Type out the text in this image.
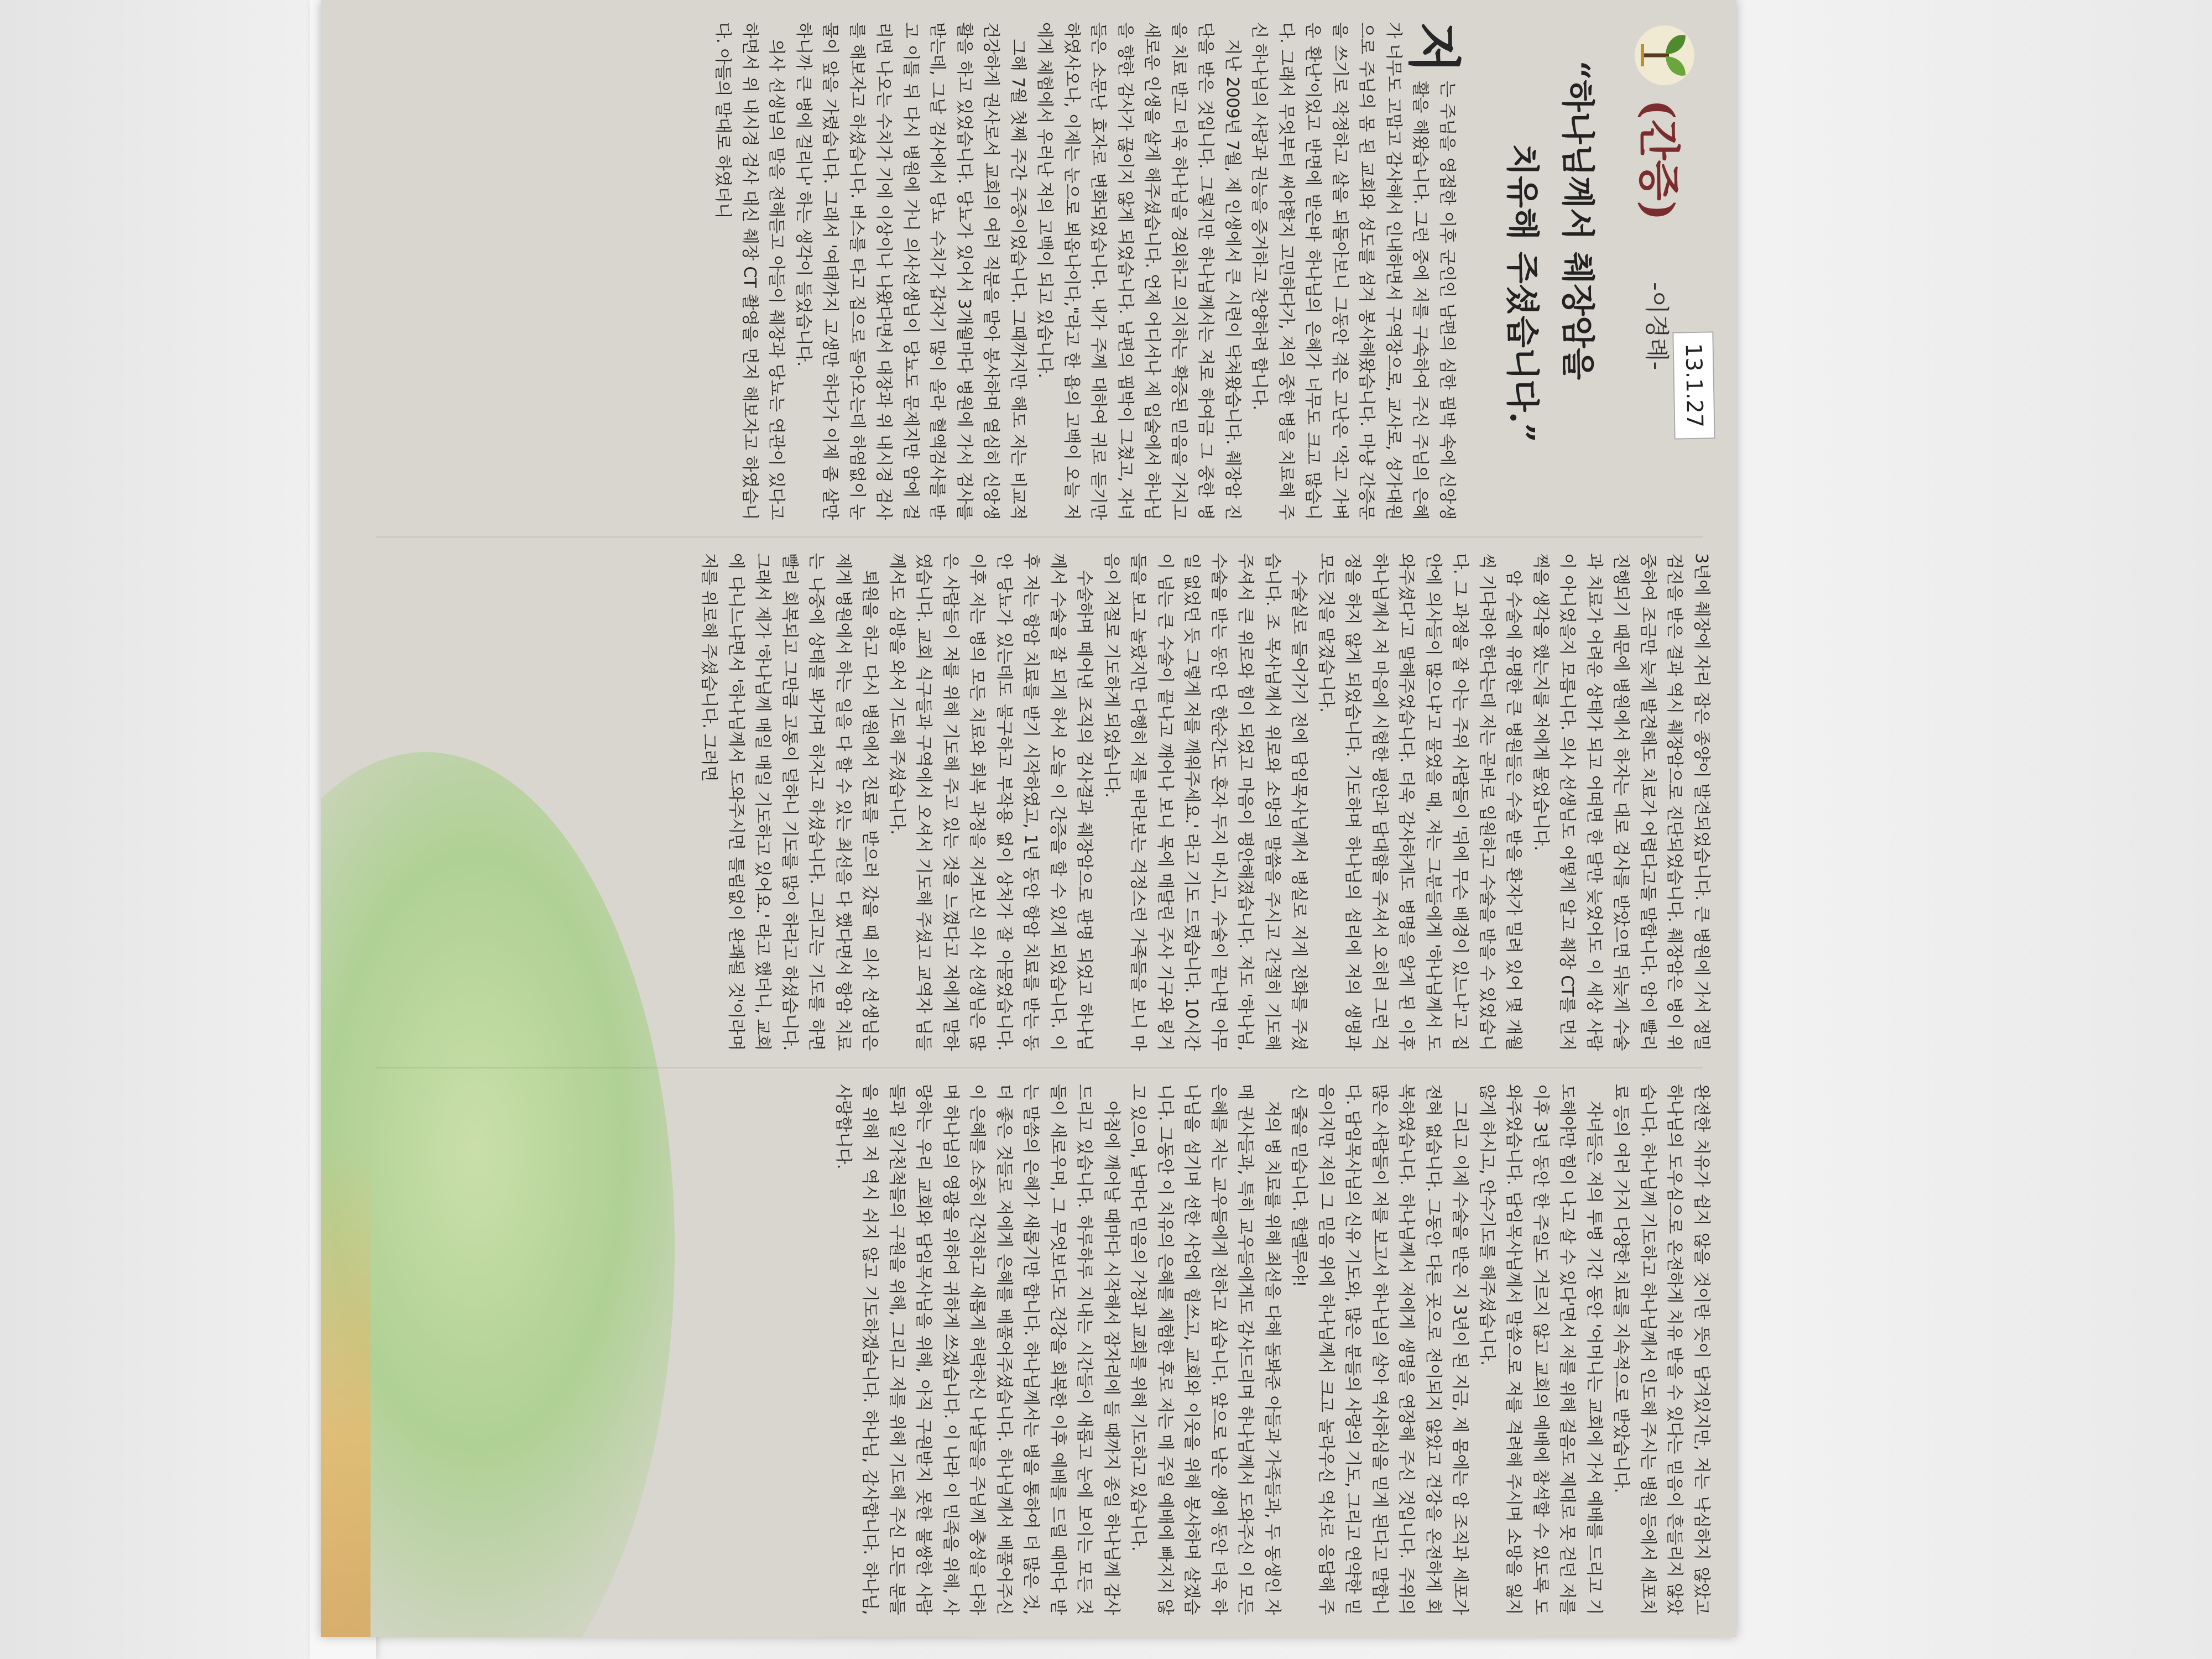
(간증)
-이경례-
13.1.27
“하나님께서 췌장암을
치유해 주셨습니다.”

저
는 주님을 영접한 이후 군인인 남편의 심한 핍박 속에 신앙생활을 해왔습니다. 그런 중에 저를 구속하여 주신 주님의 은혜가 너무도 고맙고 감사해서 인내하면서 구역장으로, 교사로, 성가대원으로 주님의 몸 된 교회와 성도를 섬겨 봉사해왔습니다. 마냥 간증문을 쓰기로 작정하고 살을 되돌아보니 그동안 겪은 고난은 '작고 가벼운 환난'이었고 반면에 받은바 하나님의 은혜가 너무도 크고 많습니다. 그래서 무엇부터 써야할지 고민하다가, 저의 중한 병을 치료해 주신 하나님의 사랑과 권능을 증거하고 찬양하려 합니다.

지난 2009년 7월, 제 인생에서 큰 시련이 닥쳐왔습니다. 췌장암 진단을 받은 것입니다. 그렇지만 하나님께서는 저로 하여금 그 중한 병을 치료 받고 더욱 하나님을 경외하고 의지하는 확증된 믿음을 가지고 새로운 인생을 살게 해주셨습니다. 언제 어디서나 제 입술에서 하나님을 향한 감사가 끊이지 않게 되었습니다. 남편의 핍박이 그쳤고, 자녀들은 소문난 효자로 변화되었습니다. 내가 주께 대하여 귀로 듣기만 하였사오나, 이제는 눈으로 뵈옵나이다,"라고 한 욥의 고백이 오늘 저에게 체험에서 우러난 저의 고백이 되고 있습니다.

그해 7월 첫째 주간 주중이었습니다. 그때까지만 해도 저는 비교적 건강하게 권사로서 교회의 여러 직분을 맡아 봉사하며 열심히 신앙생활을 하고 있었습니다. 당뇨가 있어서 3개월마다 병원에 가서 검사를 받는데, 그날 검사에서 당뇨 수치가 갑자기 많이 올라 혈액검사를 받고 이틀 뒤 다시 병원에 가니 의사선생님이 당뇨도 문제지만 암에 걸리면 나오는 수치가 기에 이상이나 나왔다면서 대장과 위 내시경 검사를 해보자고 하셨습니다. 버스를 타고 집으로 돌아오는데 하염없이 눈물이 앞을 가렸습니다. 그래서 '여태까지 고생만 하다가 이제 좀 살만하니까 큰 병에 걸리나' 하는 생각이 들었습니다.

의사 선생님의 말을 전해듣고 아들이 췌장과 당뇨는 연관이 있다고 하면서 위 내시경 검사 대신 췌장 CT 촬영을 먼저 해보자고 하였습니다. 아들의 말대로 하였더니

3년에 췌장에 자리 잡은 종양이 발견되었습니다. 큰 병원에 가서 정밀 검진을 받은 결과 역시 췌장암으로 진단되었습니다. 췌장암은 병이 위중하여 조금만 늦게 발견해도 치료가 어렵다고들 말합니다. 암이 빨리 진행되기 때문에 병원에서 하자는 대로 검사를 받았으면 뒤늦게 수술과 치료가 어려운 상태가 되고 어떠면 한 달만 늦었어도 이 세상 사람이 아니었을지 모릅니다. 의사 선생님도 어떻게 알고 췌장 CT를 먼저 찍을 생각을 했는지를 저에게 물었습니다.

암 수술에 유명한 큰 병원들은 수술 받을 환자가 밀려 있어 몇 개월씩 기다려야 한다는데 저는 곧바로 입원하고 수술을 받을 수 있었습니다. 그 과정을 잘 아는 주위 사람들이 '뒤에 무슨 배경이 있느냐'고 집안에 의사들이 많으냐'고 물었을 때, 저는 그분들에게 '하나님께서 도와주셨다'고 말해주었습니다. 더욱 감사하게도 병명을 알게 된 이후 하나님께서 저 마음에 시험한 평안과 담대함을 주셔서 오히려 그런 걱정을 하지 않게 되었습니다. 기도하며 하나님의 섭리에 저의 생명과 모든 것을 맡겼습니다.

수술실로 들어가기 전에 담임목사님께서 병실로 저게 전화를 주셨습니다. 조 목사님께서 위로와 소망의 말씀을 주시고 간절히 기도해 주셔서 큰 위로와 힘이 되었고 마음이 평안해졌습니다. 저도 '하나님, 수술을 받는 동안 단 한순간도 혼자 두지 마시고, 수술이 끝나면 아무 일 없었던 듯 그렇게 저를 깨워주세요.' 라고 기도 드렸습니다. 10시간이 넘는 큰 수술이 끝나고 깨어나 보니 목에 매달린 주사 기구와 링거들을 보고 놀랐지만 다행히 저를 바라보는 걱정스런 가족들을 보니 마음이 저절로 기도하게 되었습니다.

수술하며 떼어낸 조직의 검사결과 췌장암으로 판명 되었고 하나님께서 수술을 잘 되게 하셔 오늘 이 간증을 할 수 있게 되었습니다. 이후 저는 항암 치료를 받기 시작하였고, 1년 동안 항암 치료를 받는 동안 당뇨가 있는데도 불구하고 부작용 없이 상처가 잘 아물었습니다. 이후 저는 병의 모든 치료와 회복 과정을 지켜보신 의사 선생님은 많은 사람들이 저를 위해 기도해 주고 있는 것을 느꼈다고 저에게 말하였습니다. 교회 식구들과 구역에서 오셔서 기도해 주셨고 교역자 님들께서도 심방을 와서 기도해 주셨습니다.

퇴원을 하고 다시 병원에서 진료를 받으러 갔을 때 의사 선생님은 제게 병원에서 하는 일을 다 할 수 있는 최선을 다 했다면서 항암 치료는 나중에 상태를 봐가며 하자고 하셨습니다. 그러고는 기도를 하면 빨리 회복되고 그만큼 고통이 덜하니 기도를 많이 하라고 하셨습니다. 그래서 제가 '하나님께 매일 매일 기도하고 있어요.' 라고 했더니, 교회에 다니느냐면서 '하나님께서 도와주시면 틀림없이 완쾌될 것'이라며 저를 위로해 주셨습니다. 그러면

완전한 치유가 쉽지 않을 것이란 뜻이 담겨있지만, 저는 낙심하지 않았고 하나님의 도우심으로 온전하게 치유 받을 수 있다는 믿음이 흔들리지 않았습니다. 하나님께 기도하고 하나님께서 인도해 주시는 병원 등에서 세포치료 등의 여러 가지 다양한 치료를 지속적으로 받았습니다.

자녀들은 저의 투병 기간 동안 '어머니는 교회에 가서 예배를 드리고 기도해야만 힘이 나고 살 수 있다'면서 저를 위해 걸음도 제대로 못 걷던 저를 이후 3년 동안 한 주일도 거르지 않고 교회의 예배에 참석할 수 있도록 도와주었습니다. 담임목사님께서 말씀으로 저를 격려해 주시며 소망을 잃지 않게 하시고, 안수기도를 해주셨습니다.

그리고 이제 수술을 받은 지 3년이 된 지금, 제 몸에는 암 조직과 세포가 전혀 없습니다. 그동안 다른 곳으로 전이되지 않았고 건강을 온전하게 회복하였습니다. 하나님께서 저에게 생명을 연장해 주신 것입니다. 주위의 많은 사람들이 저를 보고서 하나님의 살아 역사하심을 믿게 된다고 말합니다. 담임목사님의 신유 기도와, 많은 분들의 사랑의 기도, 그리고 연약한 믿음이지만 저의 그 믿음 위에 하나님께서 크고 놀라우신 역사로 응답해 주신 줄을 믿습니다. 할렐루야!

저의 병 치료를 위해 최선을 다해 돌봐준 아들과 가족들과, 두 동생인 자매 권사들과, 특히 교우들에게도 감사드리며 하나님께서 도와주신 이 모든 은혜를 저는 교우들에게 전하고 싶습니다. 앞으로 남은 생애 동안 더욱 하나님을 섬기며 선한 사업에 힘쓰고, 교회와 이웃을 위해 봉사하며 살겠습니다. 그동안 이 치유의 은혜를 체험한 후로 저는 매 주일 예배에 빠지지 않고 있으며, 날마다 믿음의 가정과 교회를 위해 기도하고 있습니다.

아침에 깨어날 때마다 시작해서 잠자리에 들 때까지 종일 하나님께 감사드리고 있습니다. 하루하루 지내는 시간들이 새롭고 눈에 보이는 모든 것들이 새로우며, 그 무엇보다도 건강을 회복한 이후 예배를 드릴 때마다 받는 말씀의 은혜가 새롭기만 합니다. 하나님께서는 병을 통하여 더 많은 것, 더 좋은 것들로 저에게 은혜를 베풀어주셨습니다. 하나님께서 베풀어주신 이 은혜를 소중히 간직하고 새롭게 허락하신 나날들을 주님께 충성을 다하며 하나님의 영광을 위하여 귀하게 쓰겠습니다. 이 나라 이 민족을 위해, 사랑하는 우리 교회와 담임목사님을 위해, 아직 구원받지 못한 불쌍한 사람들과 일가친척들의 구원을 위해, 그리고 저를 위해 기도해 주신 모든 분들을 위해 저 역시 쉬지 않고 기도하겠습니다. 하나님, 감사합니다. 하나님, 사랑합니다.
